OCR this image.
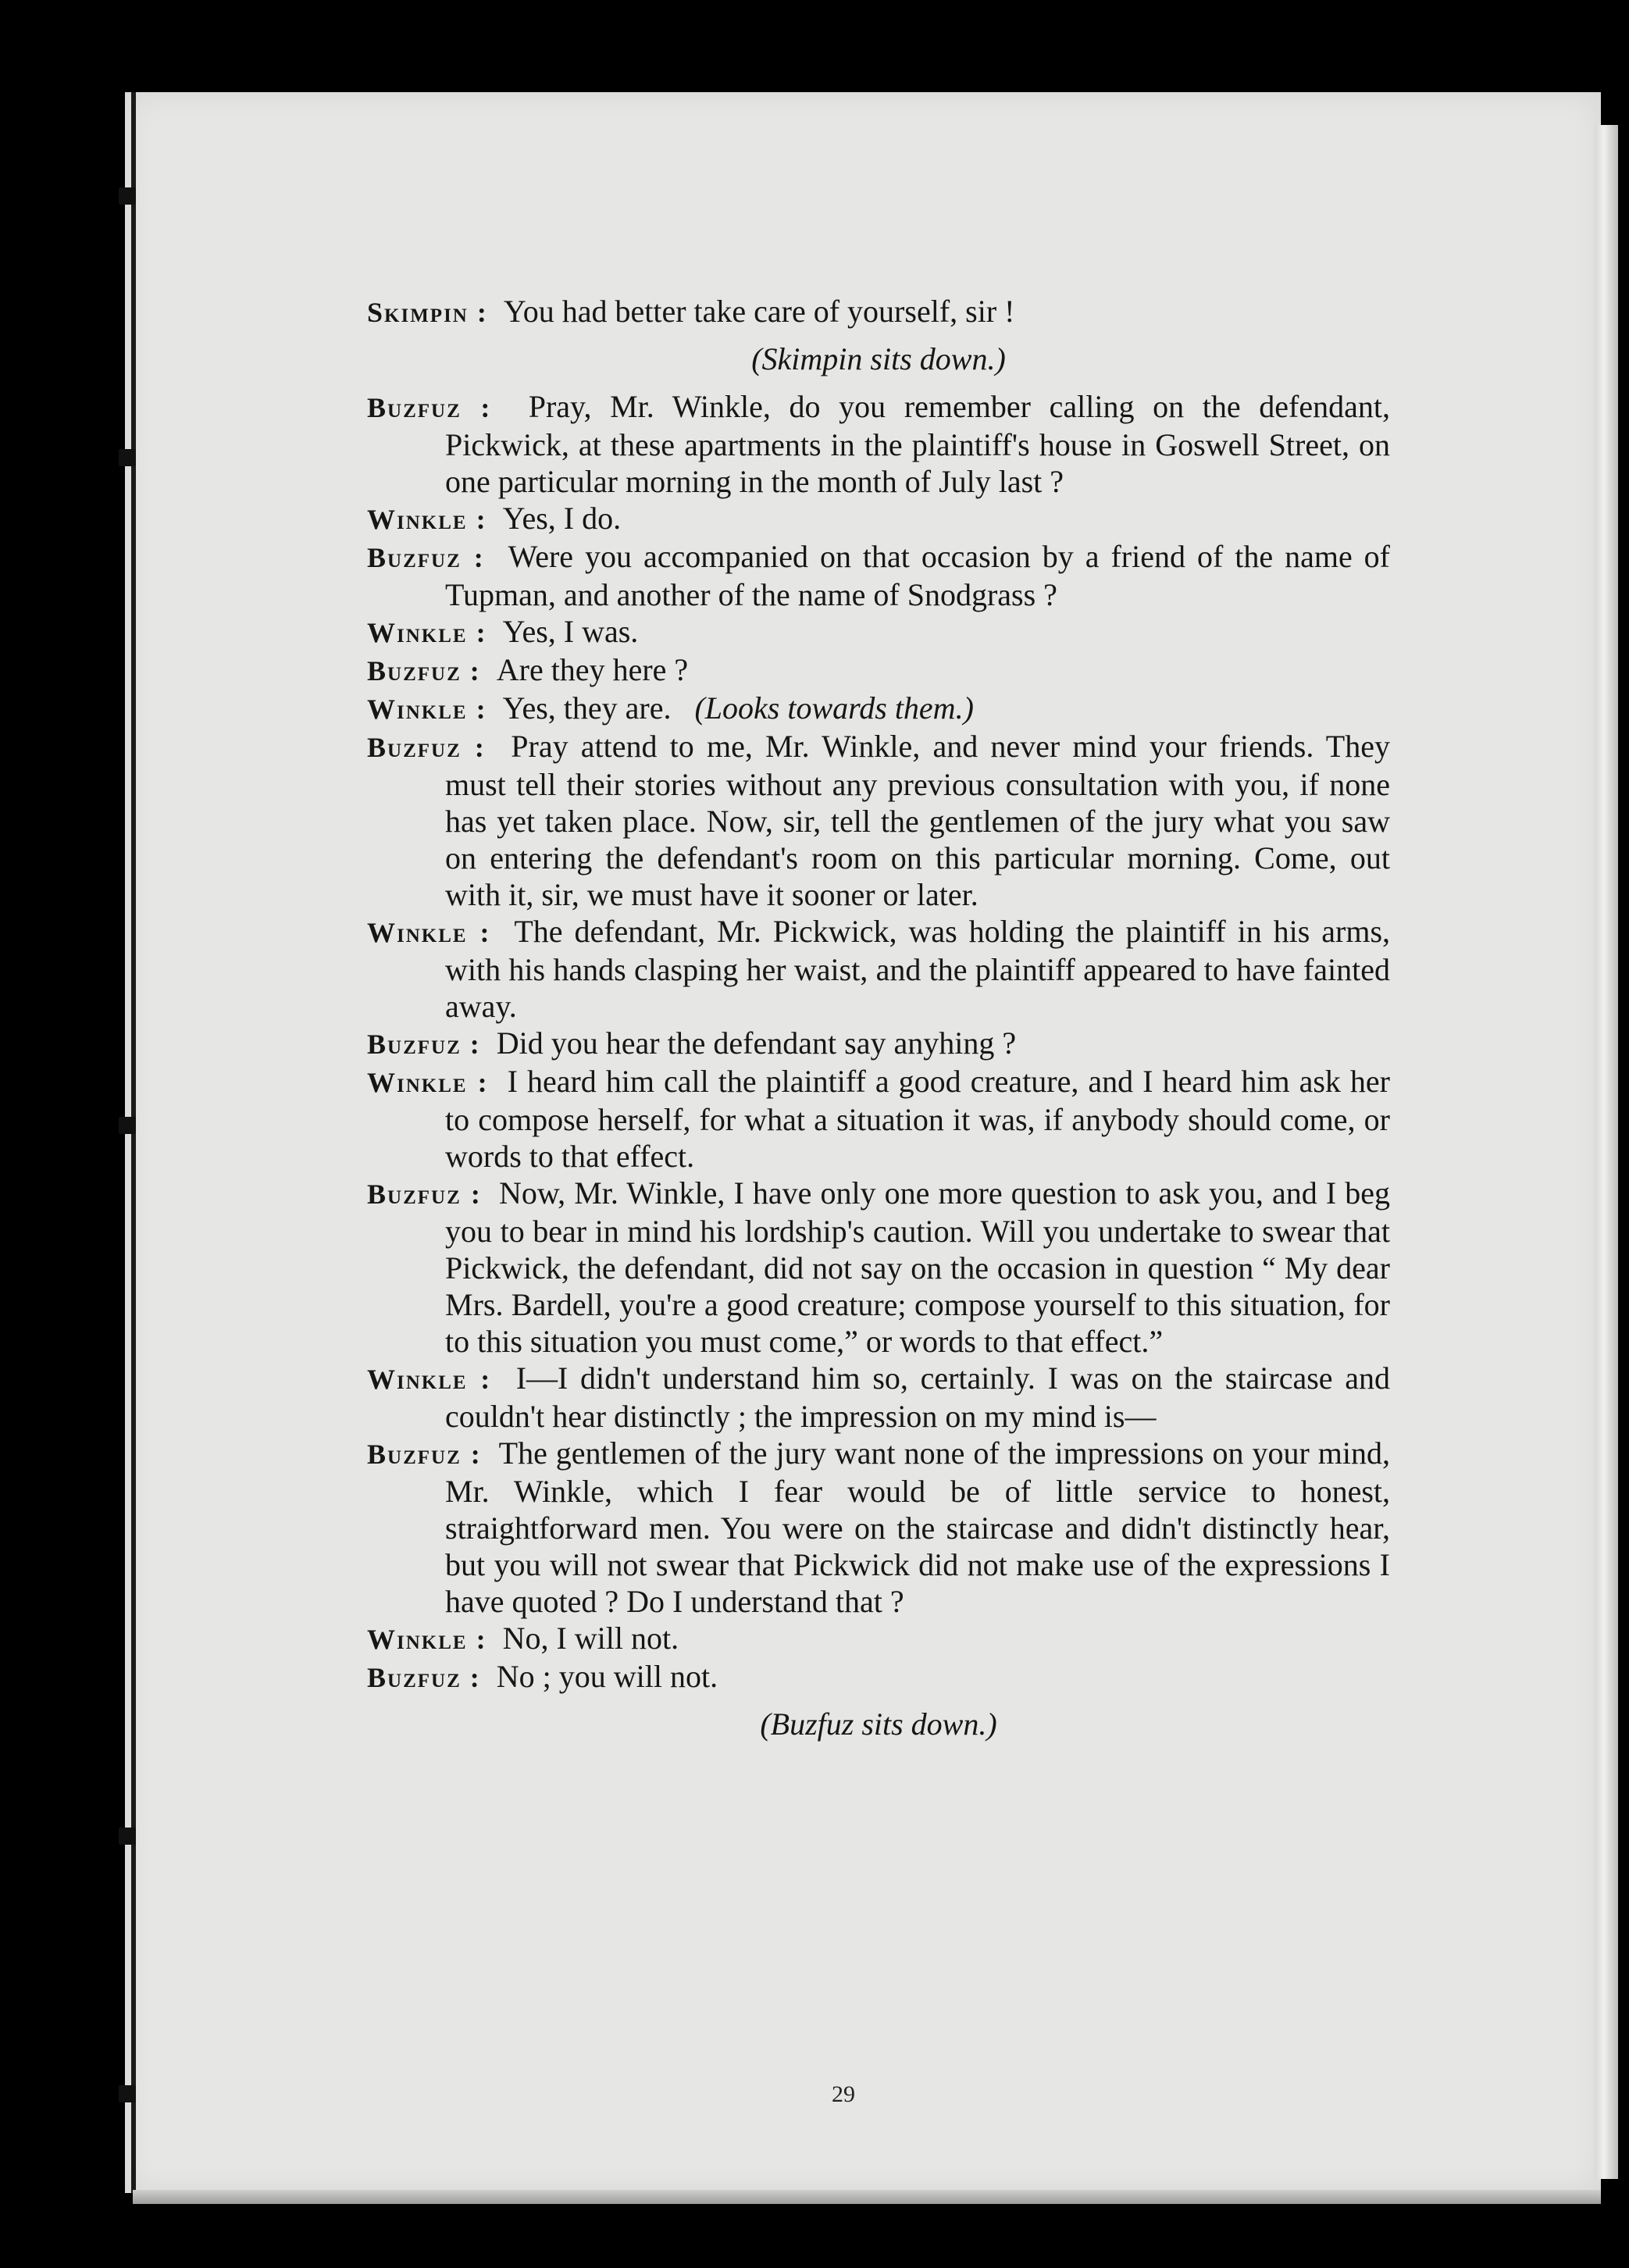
Skimpin : You had better take care of yourself, sir !

(Skimpin sits down.)

Buzfuz : Pray, Mr. Winkle, do you remember calling on the defendant, Pickwick, at these apartments in the plaintiff's house in Goswell Street, on one particular morning in the month of July last ?

Winkle : Yes, I do.

Buzfuz : Were you accompanied on that occasion by a friend of the name of Tupman, and another of the name of Snodgrass ?

Winkle : Yes, I was.

Buzfuz : Are they here ?

Winkle : Yes, they are. (Looks towards them.)

Buzfuz : Pray attend to me, Mr. Winkle, and never mind your friends. They must tell their stories without any previous consultation with you, if none has yet taken place. Now, sir, tell the gentlemen of the jury what you saw on entering the defendant's room on this particular morning. Come, out with it, sir, we must have it sooner or later.

Winkle : The defendant, Mr. Pickwick, was holding the plaintiff in his arms, with his hands clasping her waist, and the plaintiff appeared to have fainted away.

Buzfuz : Did you hear the defendant say anyhing ?

Winkle : I heard him call the plaintiff a good creature, and I heard him ask her to compose herself, for what a situation it was, if anybody should come, or words to that effect.

Buzfuz : Now, Mr. Winkle, I have only one more question to ask you, and I beg you to bear in mind his lordship's caution. Will you undertake to swear that Pickwick, the defendant, did not say on the occasion in question “ My dear Mrs. Bardell, you're a good creature; compose yourself to this situation, for to this situation you must come,” or words to that effect.”

Winkle : I—I didn't understand him so, certainly. I was on the staircase and couldn't hear distinctly ; the impression on my mind is—

Buzfuz : The gentlemen of the jury want none of the impressions on your mind, Mr. Winkle, which I fear would be of little service to honest, straightforward men. You were on the staircase and didn't distinctly hear, but you will not swear that Pickwick did not make use of the expressions I have quoted ? Do I understand that ?

Winkle : No, I will not.

Buzfuz : No ; you will not.

(Buzfuz sits down.)

29
